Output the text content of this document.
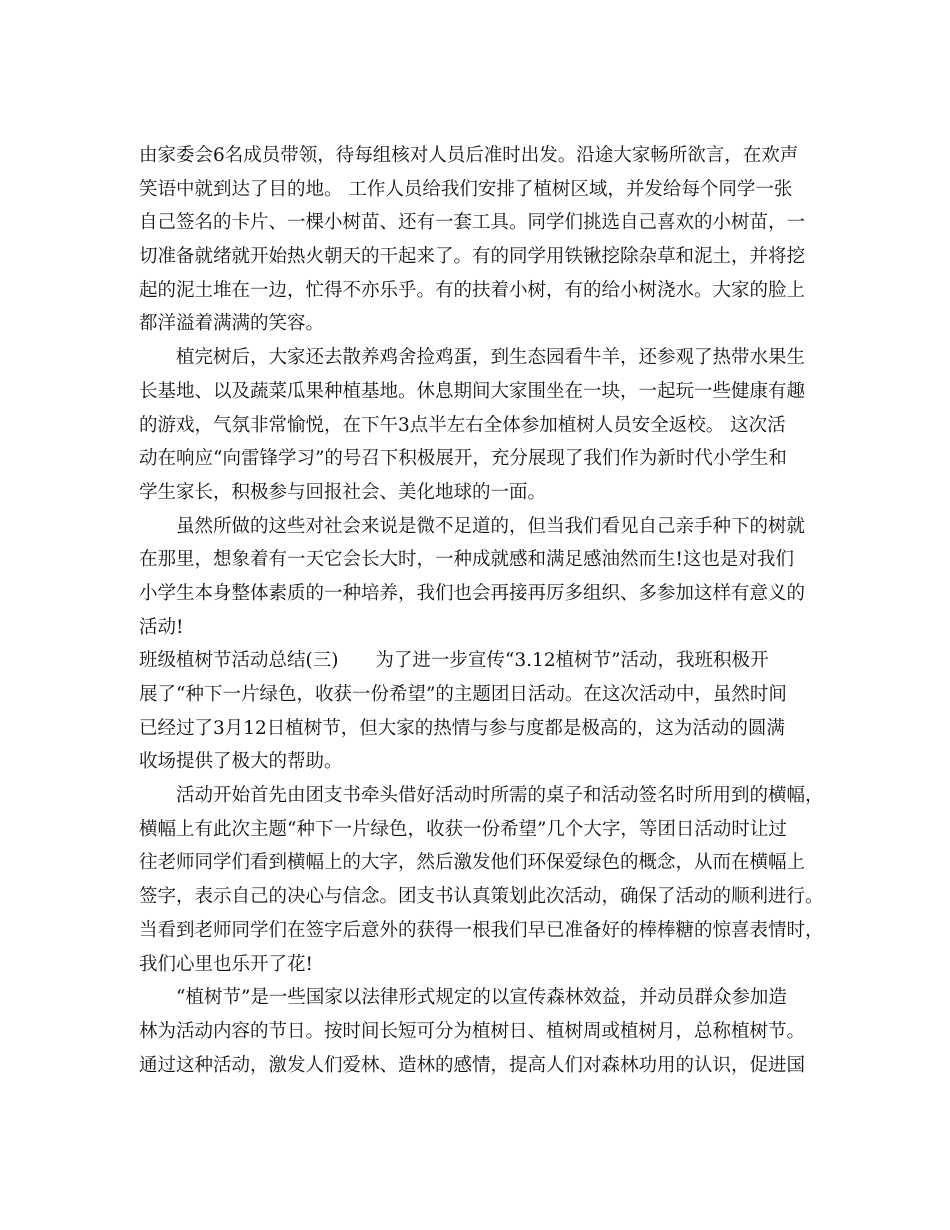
由家委会6名成员带领，待每组核对人员后准时出发。沿途大家畅所欲言，在欢声
笑语中就到达了目的地。 工作人员给我们安排了植树区域，并发给每个同学一张
自己签名的卡片、一棵小树苗、还有一套工具。同学们挑选自己喜欢的小树苗，一
切准备就绪就开始热火朝天的干起来了。有的同学用铁锹挖除杂草和泥土，并将挖
起的泥土堆在一边，忙得不亦乐乎。有的扶着小树，有的给小树浇水。大家的脸上
都洋溢着满满的笑容。
植完树后，大家还去散养鸡舍捡鸡蛋，到生态园看牛羊，还参观了热带水果生
长基地、以及蔬菜瓜果种植基地。休息期间大家围坐在一块，一起玩一些健康有趣
的游戏，气氛非常愉悦，在下午3点半左右全体参加植树人员安全返校。 这次活
动在响应“向雷锋学习”的号召下积极展开，充分展现了我们作为新时代小学生和
学生家长，积极参与回报社会、美化地球的一面。
虽然所做的这些对社会来说是微不足道的，但当我们看见自己亲手种下的树就
在那里，想象着有一天它会长大时，一种成就感和满足感油然而生!这也是对我们
小学生本身整体素质的一种培养，我们也会再接再厉多组织、多参加这样有意义的
活动!
班级植树节活动总结(三)　　为了进一步宣传“3.12植树节”活动，我班积极开
展了“种下一片绿色，收获一份希望”的主题团日活动。在这次活动中，虽然时间
已经过了3月12日植树节，但大家的热情与参与度都是极高的，这为活动的圆满
收场提供了极大的帮助。
活动开始首先由团支书牵头借好活动时所需的桌子和活动签名时所用到的横幅，
横幅上有此次主题“种下一片绿色，收获一份希望”几个大字，等团日活动时让过
往老师同学们看到横幅上的大字，然后激发他们环保爱绿色的概念，从而在横幅上
签字，表示自己的决心与信念。团支书认真策划此次活动，确保了活动的顺利进行。
当看到老师同学们在签字后意外的获得一根我们早已准备好的棒棒糖的惊喜表情时，
我们心里也乐开了花!
“植树节”是一些国家以法律形式规定的以宣传森林效益，并动员群众参加造
林为活动内容的节日。按时间长短可分为植树日、植树周或植树月，总称植树节。
通过这种活动，激发人们爱林、造林的感情，提高人们对森林功用的认识，促进国
